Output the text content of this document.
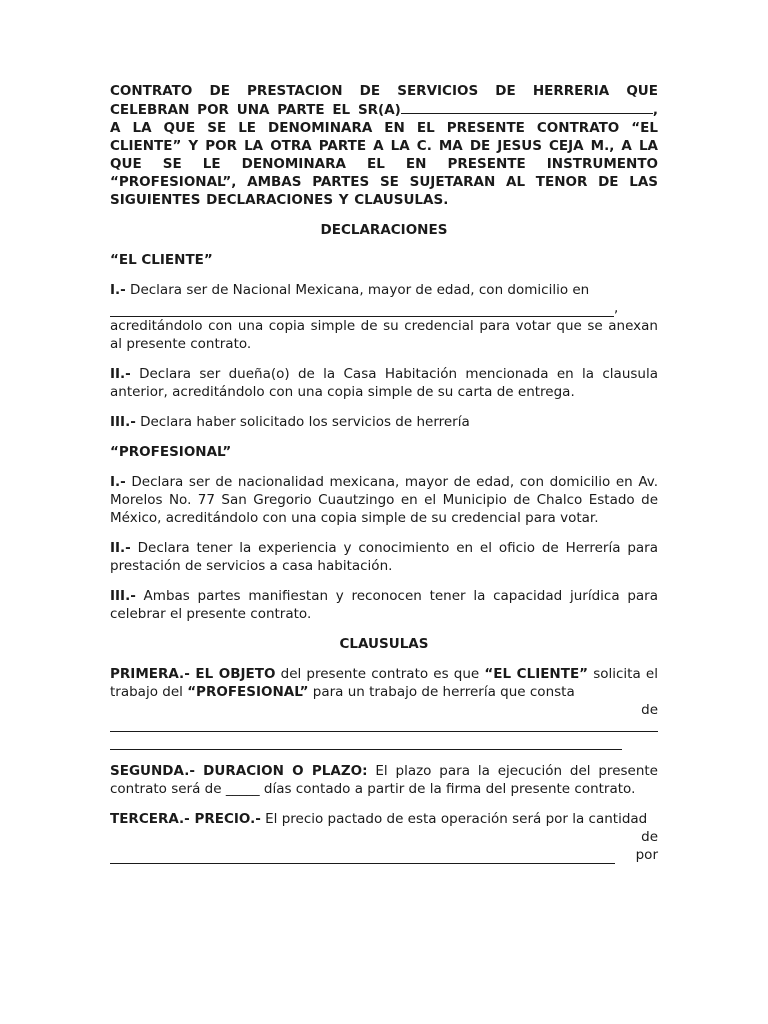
CONTRATO DE PRESTACION DE SERVICIOS DE HERRERIA QUE CELEBRAN POR UNA PARTE EL SR(A)	, A LA QUE SE LE DENOMINARA EN EL PRESENTE CONTRATO “EL CLIENTE” Y POR LA OTRA PARTE A LA C. MA DE JESUS CEJA M., A LA QUE SE LE DENOMINARA EL EN PRESENTE INSTRUMENTO “PROFESIONAL”, AMBAS PARTES SE SUJETARAN AL TENOR DE LAS SIGUIENTES DECLARACIONES Y CLAUSULAS.

DECLARACIONES

“EL CLIENTE”

I.- Declara ser de Nacional Mexicana, mayor de edad, con domicilio en

,

acreditándolo con una copia simple de su credencial para votar que se anexan al presente contrato.

II.- Declara ser dueña(o) de la Casa Habitación mencionada en la clausula anterior, acreditándolo con una copia simple de su carta de entrega.

III.- Declara haber solicitado los servicios de herrería

“PROFESIONAL”

I.- Declara ser de nacionalidad mexicana, mayor de edad, con domicilio en Av. Morelos No. 77 San Gregorio Cuautzingo en el Municipio de Chalco Estado de México, acreditándolo con una copia simple de su credencial para votar.

II.- Declara tener la experiencia y conocimiento en el oficio de Herrería para prestación de servicios a casa habitación.

III.- Ambas partes manifiestan y reconocen tener la capacidad jurídica para celebrar el presente contrato.

CLAUSULAS

PRIMERA.- EL OBJETO del presente contrato es que “EL CLIENTE” solicita el trabajo del “PROFESIONAL” para un trabajo de herrería que consta

de

SEGUNDA.- DURACION O PLAZO: El plazo para la ejecución del presente contrato será de _____ días contado a partir de la firma del presente contrato.

TERCERA.- PRECIO.- El precio pactado de esta operación será por la cantidad

de

por
